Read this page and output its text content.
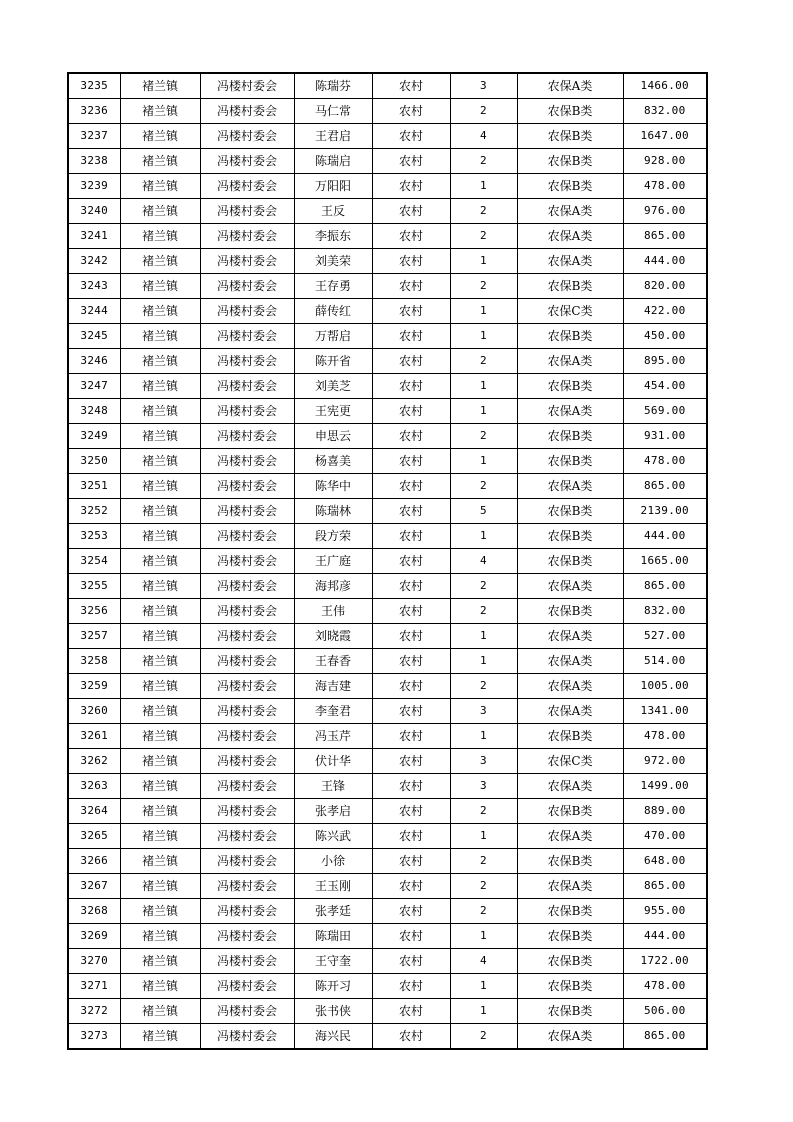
3235	褚兰镇	冯楼村委会	陈瑞芬	农村	3	农保A类	1466.00
3236	褚兰镇	冯楼村委会	马仁常	农村	2	农保B类	832.00
3237	褚兰镇	冯楼村委会	王君启	农村	4	农保B类	1647.00
3238	褚兰镇	冯楼村委会	陈瑞启	农村	2	农保B类	928.00
3239	褚兰镇	冯楼村委会	万阳阳	农村	1	农保B类	478.00
3240	褚兰镇	冯楼村委会	王反	农村	2	农保A类	976.00
3241	褚兰镇	冯楼村委会	李振东	农村	2	农保A类	865.00
3242	褚兰镇	冯楼村委会	刘美荣	农村	1	农保A类	444.00
3243	褚兰镇	冯楼村委会	王存勇	农村	2	农保B类	820.00
3244	褚兰镇	冯楼村委会	薛传红	农村	1	农保C类	422.00
3245	褚兰镇	冯楼村委会	万帮启	农村	1	农保B类	450.00
3246	褚兰镇	冯楼村委会	陈开省	农村	2	农保A类	895.00
3247	褚兰镇	冯楼村委会	刘美芝	农村	1	农保B类	454.00
3248	褚兰镇	冯楼村委会	王宪更	农村	1	农保A类	569.00
3249	褚兰镇	冯楼村委会	申思云	农村	2	农保B类	931.00
3250	褚兰镇	冯楼村委会	杨喜美	农村	1	农保B类	478.00
3251	褚兰镇	冯楼村委会	陈华中	农村	2	农保A类	865.00
3252	褚兰镇	冯楼村委会	陈瑞林	农村	5	农保B类	2139.00
3253	褚兰镇	冯楼村委会	段方荣	农村	1	农保B类	444.00
3254	褚兰镇	冯楼村委会	王广庭	农村	4	农保B类	1665.00
3255	褚兰镇	冯楼村委会	海邦彦	农村	2	农保A类	865.00
3256	褚兰镇	冯楼村委会	王伟	农村	2	农保B类	832.00
3257	褚兰镇	冯楼村委会	刘晓霞	农村	1	农保A类	527.00
3258	褚兰镇	冯楼村委会	王春香	农村	1	农保A类	514.00
3259	褚兰镇	冯楼村委会	海吉建	农村	2	农保A类	1005.00
3260	褚兰镇	冯楼村委会	李奎君	农村	3	农保A类	1341.00
3261	褚兰镇	冯楼村委会	冯玉芹	农村	1	农保B类	478.00
3262	褚兰镇	冯楼村委会	伏计华	农村	3	农保C类	972.00
3263	褚兰镇	冯楼村委会	王锋	农村	3	农保A类	1499.00
3264	褚兰镇	冯楼村委会	张孝启	农村	2	农保B类	889.00
3265	褚兰镇	冯楼村委会	陈兴武	农村	1	农保A类	470.00
3266	褚兰镇	冯楼村委会	小徐	农村	2	农保B类	648.00
3267	褚兰镇	冯楼村委会	王玉刚	农村	2	农保A类	865.00
3268	褚兰镇	冯楼村委会	张孝廷	农村	2	农保B类	955.00
3269	褚兰镇	冯楼村委会	陈瑞田	农村	1	农保B类	444.00
3270	褚兰镇	冯楼村委会	王守奎	农村	4	农保B类	1722.00
3271	褚兰镇	冯楼村委会	陈开习	农村	1	农保B类	478.00
3272	褚兰镇	冯楼村委会	张书侠	农村	1	农保B类	506.00
3273	褚兰镇	冯楼村委会	海兴民	农村	2	农保A类	865.00
